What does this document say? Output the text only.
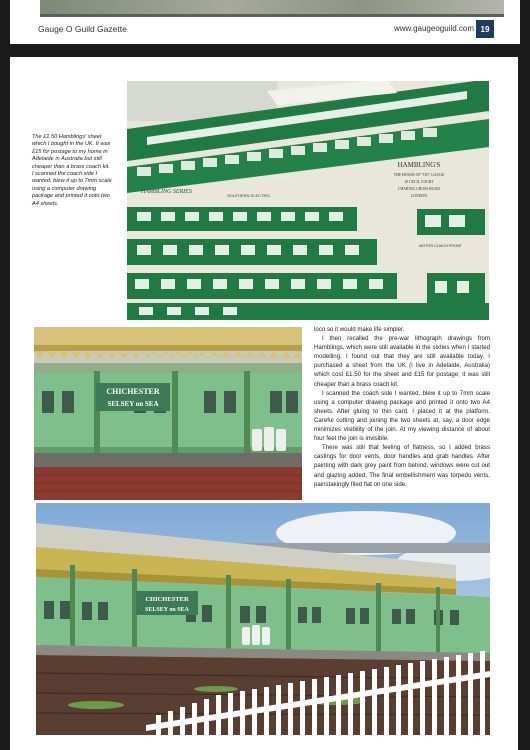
Gauge O Guild Gazette	www.gaugeoguild.com 19
The £1.50 Hamblings' sheet which I bought in the UK. It was £15 for postage to my home in Adelaide in Australia but still cheaper than a brass coach kit. I scanned the coach side I wanted, blew it up to 7mm scale using a computer drawing package and printed it onto two A4 sheets.
SOUTHERN
HAMBLING SERIES
SOUTHERN ELECTRIC
HAMBLING'S
THE HOUSE OF "OO" GAUGE
10 CECIL COURT
CHARING CROSS ROAD
LONDON
MOTOR COACH FRONT
CHICHESTER
SELSEY on SEA

loco so it would make life simpler.

I then recalled the pre-war lithograph drawings from Hamblings, which were still available in the sixties when I started modelling. I found out that they are still available today. I purchased a sheet from the UK (I live in Adelaide, Australia) which cost £1.50 for the sheet and £15 for postage; it was still cheaper than a brass coach kit.

I scanned the coach side I wanted, blew it up to 7mm scale using a computer drawing package and printed it onto two A4 sheets. After gluing to thin card, I placed it at the platform. Careful cutting and joining the two sheets at, say, a door edge minimizes visibility of the join. At my viewing distance of about four feet the join is invisible.

There was still that feeling of flatness, so I added brass castings for door vents, door handles and grab handles. After painting with dark grey paint from behind, windows were cut out and glazing added. The final embellishment was torpedo vents, painstakingly filed flat on one side.

CHICHESTER
SELSEY on SEA
